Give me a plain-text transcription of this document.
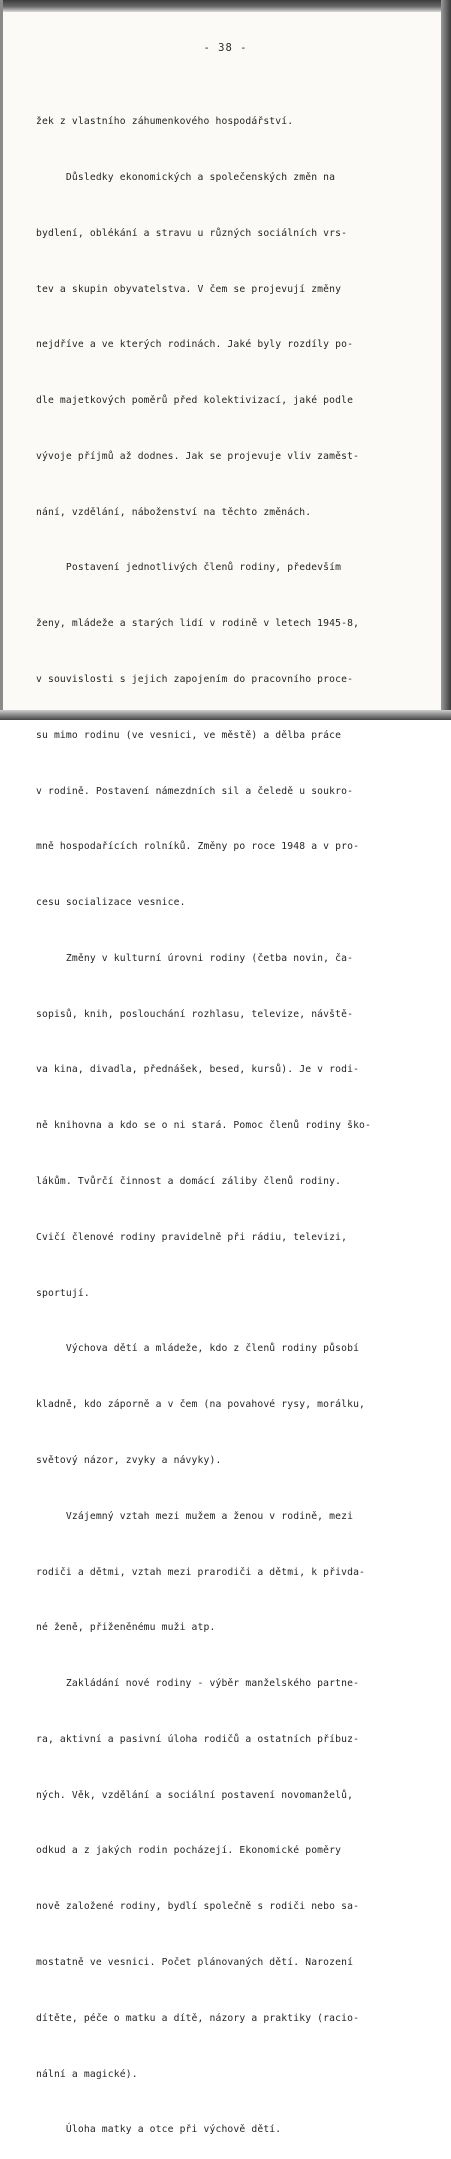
- 38 -

žek z vlastního záhumenkového hospodářství.

Důsledky ekonomických a společenských změn na

bydlení, oblékání a stravu u různých sociálních vrs-

tev a skupin obyvatelstva. V čem se projevují změny

nejdříve a ve kterých rodinách. Jaké byly rozdíly po-

dle majetkových poměrů před kolektivizací, jaké podle

vývoje příjmů až dodnes. Jak se projevuje vliv zaměst-

nání, vzdělání, náboženství na těchto změnách.

Postavení jednotlivých členů rodiny, především

ženy, mládeže a starých lidí v rodině v letech 1945-8,

v souvislosti s jejich zapojením do pracovního proce-

su mimo rodinu (ve vesnici, ve městě) a dělba práce

v rodině. Postavení námezdních sil a čeledě u soukro-

mně hospodařících rolníků. Změny po roce 1948 a v pro-

cesu socializace vesnice.

Změny v kulturní úrovni rodiny (četba novin, ča-

sopisů, knih, poslouchání rozhlasu, televize, návště-

va kina, divadla, přednášek, besed, kursů). Je v rodi-

ně knihovna a kdo se o ni stará. Pomoc členů rodiny ško-

lákům. Tvůrčí činnost a domácí záliby členů rodiny.

Cvičí členové rodiny pravidelně při rádiu, televizi,

sportují.

Výchova dětí a mládeže, kdo z členů rodiny působí

kladně, kdo záporně a v čem (na povahové rysy, morálku,

světový názor, zvyky a návyky).

Vzájemný vztah mezi mužem a ženou v rodině, mezi

rodiči a dětmi, vztah mezi prarodiči a dětmi, k přivda-

né ženě, přiženěnému muži atp.

Zakládání nové rodiny - výběr manželského partne-

ra, aktivní a pasivní úloha rodičů a ostatních příbuz-

ných. Věk, vzdělání a sociální postavení novomanželů,

odkud a z jakých rodin pocházejí. Ekonomické poměry

nově založené rodiny, bydlí společně s rodiči nebo sa-

mostatně ve vesnici. Počet plánovaných dětí. Narození

dítěte, péče o matku a dítě, názory a praktiky (racio-

nální a magické).

Úloha matky a otce při výchově dětí.
